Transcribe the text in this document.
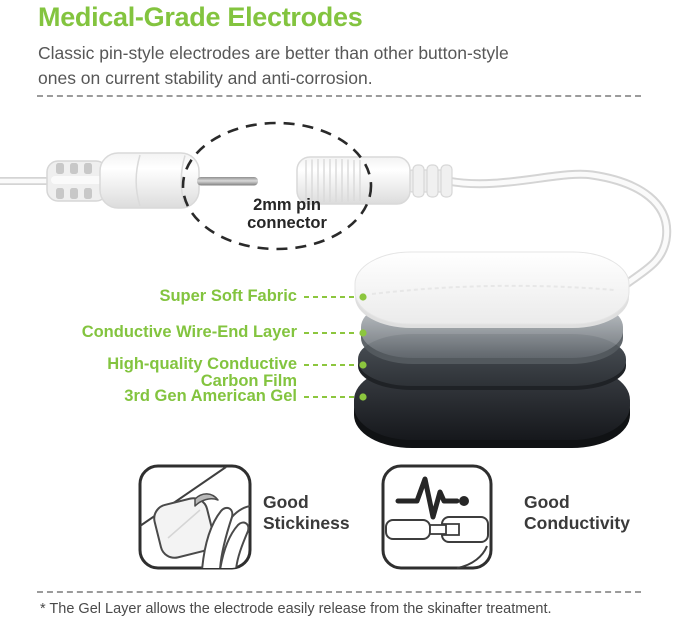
Medical-Grade Electrodes
Classic pin-style electrodes are better than other button-style
ones on current stability and anti-corrosion.
2mm pin
connector
Super Soft Fabric
Conductive Wire-End Layer
High-quality Conductive Carbon Film
3rd Gen American Gel
Good Stickiness
Good Conductivity
* The Gel Layer allows the electrode easily release from the skinafter treatment.
